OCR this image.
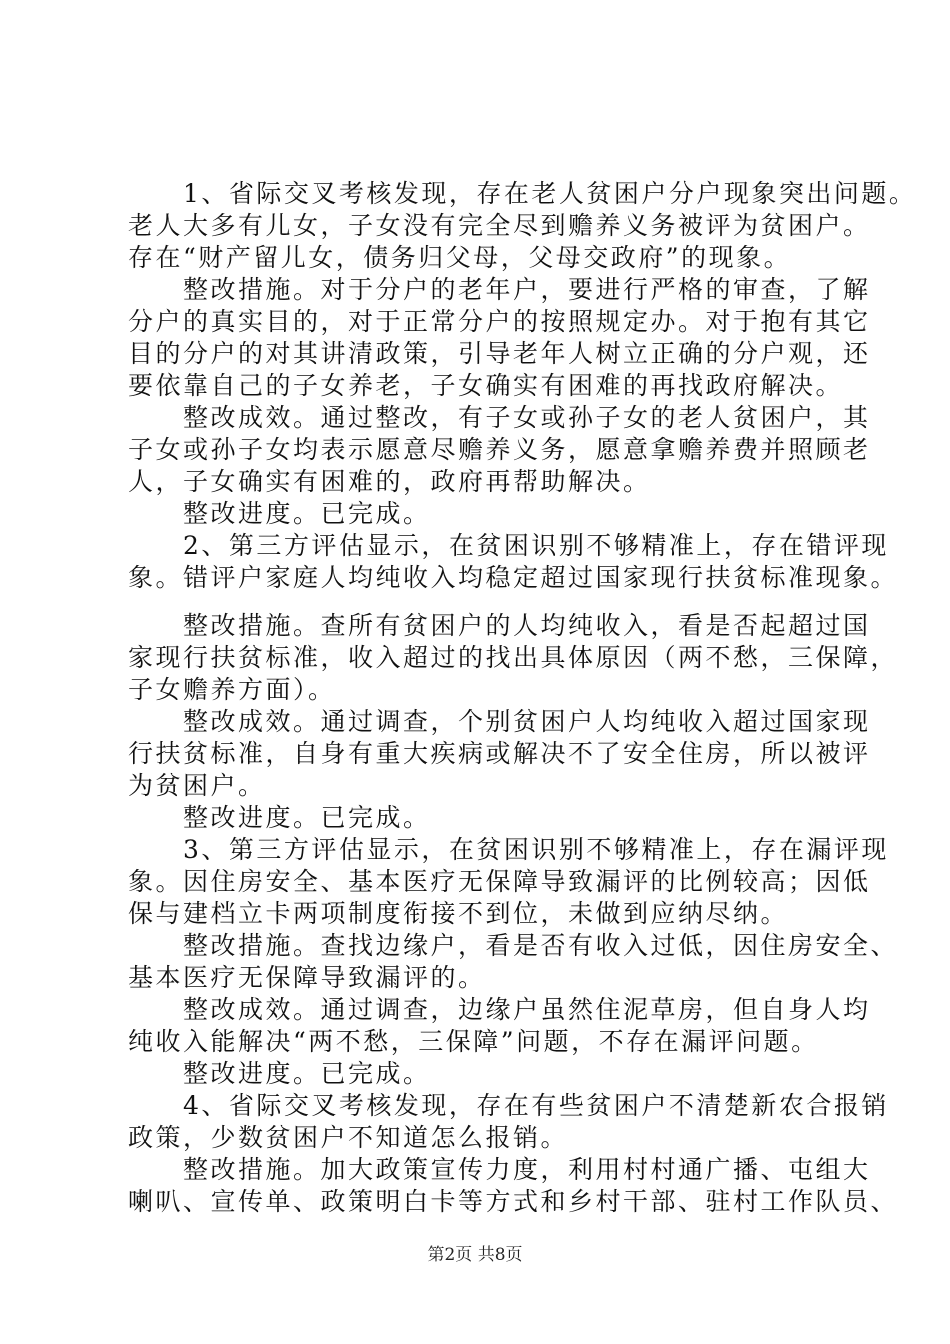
　　1、省际交叉考核发现，存在老人贫困户分户现象突出问题。
老人大多有儿女，子女没有完全尽到赡养义务被评为贫困户。
存在“财产留儿女，债务归父母，父母交政府”的现象。
　　整改措施。对于分户的老年户，要进行严格的审查，了解
分户的真实目的，对于正常分户的按照规定办。对于抱有其它
目的分户的对其讲清政策，引导老年人树立正确的分户观，还
要依靠自己的子女养老，子女确实有困难的再找政府解决。
　　整改成效。通过整改，有子女或孙子女的老人贫困户，其
子女或孙子女均表示愿意尽赡养义务，愿意拿赡养费并照顾老
人，子女确实有困难的，政府再帮助解决。
　　整改进度。已完成。
　　2、第三方评估显示，在贫困识别不够精准上，存在错评现
象。错评户家庭人均纯收入均稳定超过国家现行扶贫标准现象。
　　整改措施。查所有贫困户的人均纯收入，看是否起超过国
家现行扶贫标准，收入超过的找出具体原因（两不愁，三保障，
子女赡养方面）。
　　整改成效。通过调查，个别贫困户人均纯收入超过国家现
行扶贫标准，自身有重大疾病或解决不了安全住房，所以被评
为贫困户。
　　整改进度。已完成。
　　3、第三方评估显示，在贫困识别不够精准上，存在漏评现
象。因住房安全、基本医疗无保障导致漏评的比例较高；因低
保与建档立卡两项制度衔接不到位，未做到应纳尽纳。
　　整改措施。查找边缘户，看是否有收入过低，因住房安全、
基本医疗无保障导致漏评的。
　　整改成效。通过调查，边缘户虽然住泥草房，但自身人均
纯收入能解决“两不愁，三保障”问题，不存在漏评问题。
　　整改进度。已完成。
　　4、省际交叉考核发现，存在有些贫困户不清楚新农合报销
政策，少数贫困户不知道怎么报销。
　　整改措施。加大政策宣传力度，利用村村通广播、屯组大
喇叭、宣传单、政策明白卡等方式和乡村干部、驻村工作队员、
第2页 共8页
